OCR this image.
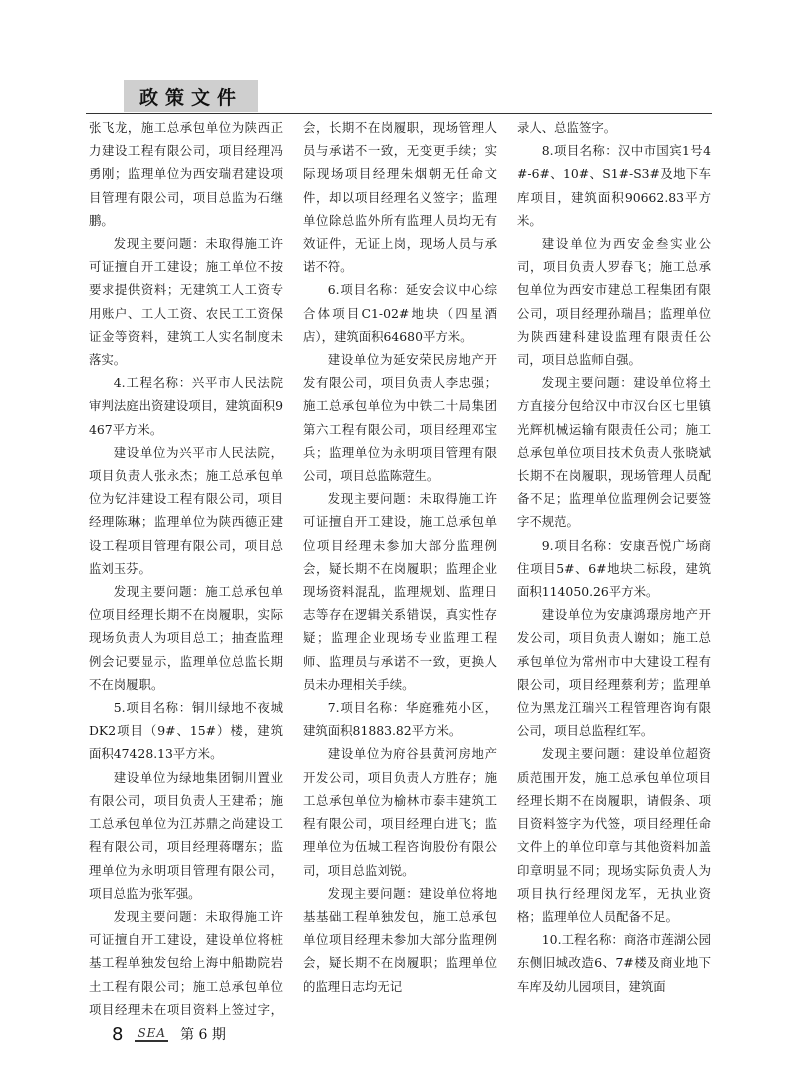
政策文件

张飞龙，施工总承包单位为陕西正力建设工程有限公司，项目经理冯勇刚；监理单位为西安瑞君建设项目管理有限公司，项目总监为石继鹏。

发现主要问题：未取得施工许可证擅自开工建设；施工单位不按要求提供资料；无建筑工人工资专用账户、工人工资、农民工工资保证金等资料，建筑工人实名制度未落实。

4.工程名称：兴平市人民法院审判法庭出资建设项目，建筑面积9467平方米。

建设单位为兴平市人民法院，项目负责人张永杰；施工总承包单位为钇沣建设工程有限公司，项目经理陈琳；监理单位为陕西德正建设工程项目管理有限公司，项目总监刘玉芬。

发现主要问题：施工总承包单位项目经理长期不在岗履职，实际现场负责人为项目总工；抽查监理例会记要显示，监理单位总监长期不在岗履职。

5.项目名称：铜川绿地不夜城DK2项目（9#、15#）楼，建筑面积47428.13平方米。

建设单位为绿地集团铜川置业有限公司，项目负责人王建希；施工总承包单位为江苏鼎之尚建设工程有限公司，项目经理蒋曙东；监理单位为永明项目管理有限公司，项目总监为张军强。

发现主要问题：未取得施工许可证擅自开工建设，建设单位将桩基工程单独发包给上海中船勘院岩土工程有限公司；施工总承包单位项目经理未在项目资料上签过字，

会，长期不在岗履职，现场管理人员与承诺不一致，无变更手续；实际现场项目经理朱烟朝无任命文件，却以项目经理名义签字；监理单位除总监外所有监理人员均无有效证件，无证上岗，现场人员与承诺不符。

6.项目名称：延安会议中心综合体项目C1-02#地块（四星酒店），建筑面积64680平方米。

建设单位为延安荣民房地产开发有限公司，项目负责人李忠强；施工总承包单位为中铁二十局集团第六工程有限公司，项目经理邓宝兵；监理单位为永明项目管理有限公司，项目总监陈蒄生。

发现主要问题：未取得施工许可证擅自开工建设，施工总承包单位项目经理未参加大部分监理例会，疑长期不在岗履职；监理企业现场资料混乱，监理规划、监理日志等存在逻辑关系错误，真实性存疑；监理企业现场专业监理工程师、监理员与承诺不一致，更换人员未办理相关手续。

7.项目名称：华庭雅苑小区，建筑面积81883.82平方米。

建设单位为府谷县黄河房地产开发公司，项目负责人方胜存；施工总承包单位为榆林市泰丰建筑工程有限公司，项目经理白进飞；监理单位为伍城工程咨询股份有限公司，项目总监刘锐。

发现主要问题：建设单位将地基基础工程单独发包，施工总承包单位项目经理未参加大部分监理例会，疑长期不在岗履职；监理单位的监理日志均无记

录人、总监签字。

8.项目名称：汉中市国宾1号4#-6#、10#、S1#-S3#及地下车库项目，建筑面积90662.83平方米。

建设单位为西安金叁实业公司，项目负责人罗春飞；施工总承包单位为西安市建总工程集团有限公司，项目经理孙瑞昌；监理单位为陕西建科建设监理有限责任公司，项目总监师自强。

发现主要问题：建设单位将土方直接分包给汉中市汉台区七里镇光辉机械运输有限责任公司；施工总承包单位项目技术负责人张晓斌长期不在岗履职，现场管理人员配备不足；监理单位监理例会记要签字不规范。

9.项目名称：安康吾悦广场商住项目5#、6#地块二标段，建筑面积114050.26平方米。

建设单位为安康鸿璟房地产开发公司，项目负责人谢如；施工总承包单位为常州市中大建设工程有限公司，项目经理蔡利芳；监理单位为黑龙江瑞兴工程管理咨询有限公司，项目总监程红军。

发现主要问题：建设单位超资质范围开发，施工总承包单位项目经理长期不在岗履职，请假条、项目资料签字为代签，项目经理任命文件上的单位印章与其他资料加盖印章明显不同；现场实际负责人为项目执行经理闵龙军，无执业资格；监理单位人员配备不足。

10.工程名称：商洛市莲湖公园东侧旧城改造6、7#楼及商业地下车库及幼儿园项目，建筑面

8 SEA 第 6 期
